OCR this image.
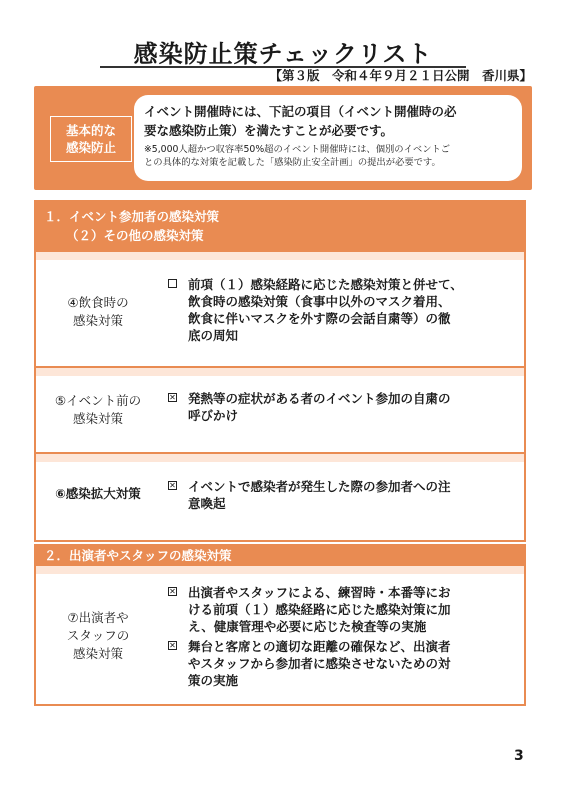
感染防止策チェックリスト
【第３版　令和４年９月２１日公開　香川県】
基本的な
感染防止
イベント開催時には、下記の項目（イベント開催時の必
要な感染防止策）を満たすことが必要です。
※5,000人超かつ収容率50%超のイベント開催時には、個別のイベントご
との具体的な対策を記載した「感染防止安全計画」の提出が必要です。
１．イベント参加者の感染対策
（２）その他の感染対策
④飲食時の
感染対策
前項（１）感染経路に応じた感染対策と併せて、
飲食時の感染対策（食事中以外のマスク着用、
飲食に伴いマスクを外す際の会話自粛等）の徹
底の周知
⑤イベント前の
感染対策
✕ 発熱等の症状がある者のイベント参加の自粛の
呼びかけ
⑥感染拡大対策
✕ イベントで感染者が発生した際の参加者への注
意喚起
２．出演者やスタッフの感染対策
⑦出演者や
スタッフの
感染対策
✕ 出演者やスタッフによる、練習時・本番等にお
ける前項（１）感染経路に応じた感染対策に加
え、健康管理や必要に応じた検査等の実施
✕ 舞台と客席との適切な距離の確保など、出演者
やスタッフから参加者に感染させないための対
策の実施
3
